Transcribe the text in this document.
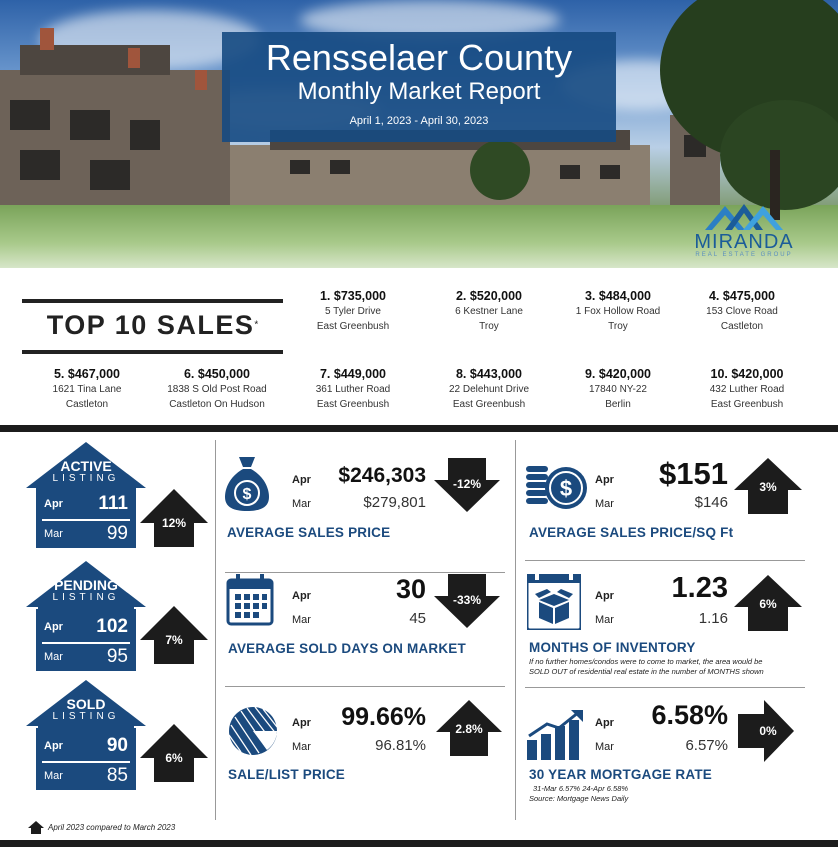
Rensselaer County
Monthly Market Report
April 1, 2023 - April 30, 2023
MIRANDA
REAL ESTATE GROUP
TOP 10 SALES*
1. $735,000
5 Tyler Drive
East Greenbush
2. $520,000
6 Kestner Lane
Troy
3. $484,000
1 Fox Hollow Road
Troy
4. $475,000
153 Clove Road
Castleton
5. $467,000
1621 Tina Lane
Castleton
6. $450,000
1838 S Old Post Road
Castleton On Hudson
7. $449,000
361 Luther Road
East Greenbush
8. $443,000
22 Delehunt Drive
East Greenbush
9. $420,000
17840 NY-22
Berlin
10. $420,000
432 Luther Road
East Greenbush
ACTIVE
LISTING
Apr 111
Mar 99
PENDING
LISTING
Apr 102
Mar 95
SOLD
LISTING
Apr 90
Mar 85
12%
7%
6%
$
Apr
Mar
$246,303
$279,801
-12%
AVERAGE SALES PRICE
Apr
Mar
30
45
-33%
AVERAGE SOLD DAYS ON MARKET
Apr
Mar
99.66%
96.81%
2.8%
SALE/LIST PRICE
$ Apr
Mar
$151
$146
3%
AVERAGE SALES PRICE/SQ Ft
Apr
Mar
1.23
1.16
6%
MONTHS OF INVENTORY
If no further homes/condos were to come to market, the area would be
SOLD OUT of residential real estate in the number of MONTHS shown
Apr
Mar
6.58%
6.57%
0%
30 YEAR MORTGAGE RATE
31-Mar 6.57% 24-Apr 6.58%
Source: Mortgage News Daily
April 2023 compared to March 2023
